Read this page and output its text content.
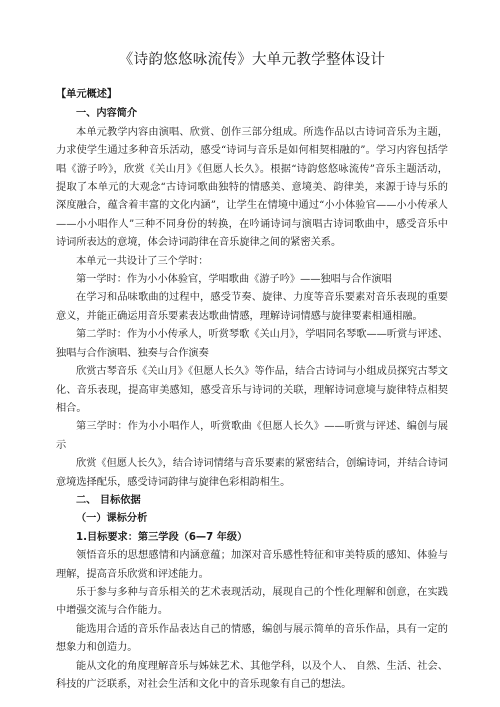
《诗韵悠悠咏流传》大单元教学整体设计

【单元概述】

一、内容简介

本单元教学内容由演唱、欣赏、创作三部分组成。所选作品以古诗词音乐为主题，力求使学生通过多种音乐活动，感受“诗词与音乐是如何相契相融的”。学习内容包括学唱《游子吟》，欣赏《关山月》《但愿人长久》。根据“诗韵悠悠咏流传”音乐主题活动，提取了本单元的大观念“古诗词歌曲独特的情感美、意境美、韵律美，来源于诗与乐的深度融合，蕴含着丰富的文化内涵”，让学生在情境中通过“小小体验官——小小传承人——小小唱作人”三种不同身份的转换，在吟诵诗词与演唱古诗词歌曲中，感受音乐中诗词所表达的意境，体会诗词韵律在音乐旋律之间的紧密关系。

本单元一共设计了三个学时：

第一学时：作为小小体验官，学唱歌曲《游子吟》——独唱与合作演唱

在学习和品味歌曲的过程中，感受节奏、旋律、力度等音乐要素对音乐表现的重要意义，并能正确运用音乐要素表达歌曲情感，理解诗词情感与旋律要素相通相融。

第二学时：作为小小传承人，听赏琴歌《关山月》，学唱同名琴歌——听赏与评述、独唱与合作演唱、独奏与合作演奏

欣赏古琴音乐《关山月》《但愿人长久》等作品，结合古诗词与小组成员探究古琴文化、音乐表现，提高审美感知，感受音乐与诗词的关联，理解诗词意境与旋律特点相契相合。

第三学时：作为小小唱作人，听赏歌曲《但愿人长久》——听赏与评述、编创与展示

欣赏《但愿人长久》，结合诗词情绪与音乐要素的紧密结合，创编诗词，并结合诗词意境选择配乐，感受诗词韵律与旋律色彩相韵相生。

二、 目标依据

（一）课标分析

1.目标要求：第三学段（6—7 年级）

领悟音乐的思想感情和内涵意蕴；加深对音乐感性特征和审美特质的感知、体验与理解，提高音乐欣赏和评述能力。

乐于参与多种与音乐相关的艺术表现活动，展现自己的个性化理解和创意，在实践中增强交流与合作能力。

能选用合适的音乐作品表达自己的情感，编创与展示简单的音乐作品，具有一定的想象力和创造力。

能从文化的角度理解音乐与姊妹艺术、其他学科，以及个人、 自然、生活、社会、科技的广泛联系，对社会生活和文化中的音乐现象有自己的想法。
